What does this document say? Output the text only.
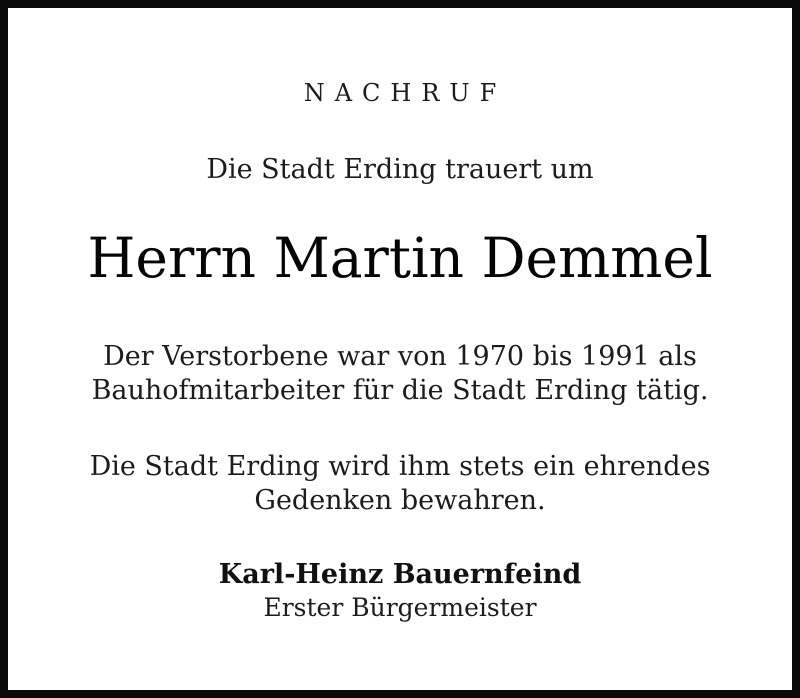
NACHRUF
Die Stadt Erding trauert um
Herrn Martin Demmel
Der Verstorbene war von 1970 bis 1991 als
Bauhofmitarbeiter für die Stadt Erding tätig.
Die Stadt Erding wird ihm stets ein ehrendes
Gedenken bewahren.
Karl-Heinz Bauernfeind
Erster Bürgermeister
